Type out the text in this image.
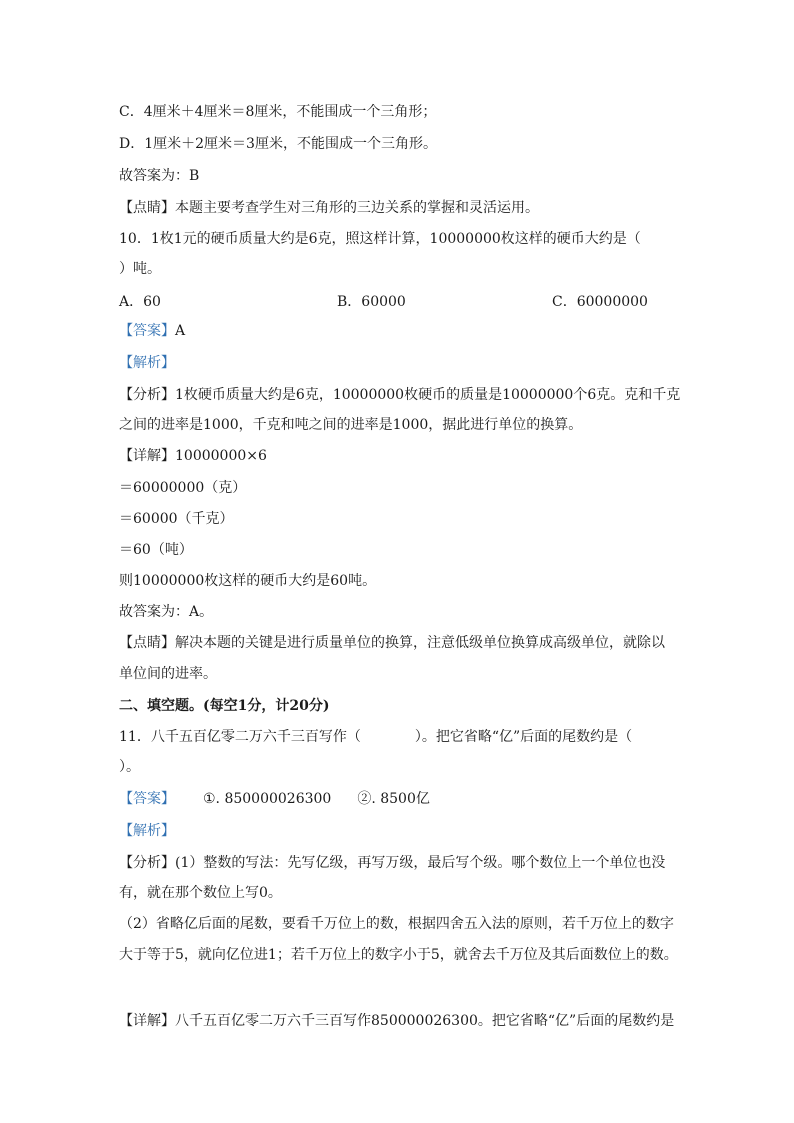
C．4厘米＋4厘米＝8厘米，不能围成一个三角形；
D．1厘米＋2厘米＝3厘米，不能围成一个三角形。
故答案为：B
【点睛】本题主要考查学生对三角形的三边关系的掌握和灵活运用。
10．1枚1元的硬币质量大约是6克，照这样计算，10000000枚这样的硬币大约是（
）吨。
A．60	B．60000	C．60000000
【答案】A
【解析】
【分析】1枚硬币质量大约是6克，10000000枚硬币的质量是10000000个6克。克和千克
之间的进率是1000，千克和吨之间的进率是1000，据此进行单位的换算。
【详解】10000000×6
＝60000000（克）
＝60000（千克）
＝60（吨）
则10000000枚这样的硬币大约是60吨。
故答案为：A。
【点睛】解决本题的关键是进行质量单位的换算，注意低级单位换算成高级单位，就除以
单位间的进率。
二、填空题。(每空1分，计20分)
11．八千五百亿零二万六千三百写作（	）。把它省略“亿”后面的尾数约是（
）。
【答案】 ①. 850000026300 ②. 8500亿
【解析】
【分析】(1）整数的写法：先写亿级，再写万级，最后写个级。哪个数位上一个单位也没
有，就在那个数位上写0。
（2）省略亿后面的尾数，要看千万位上的数，根据四舍五入法的原则，若千万位上的数字
大于等于5，就向亿位进1；若千万位上的数字小于5，就舍去千万位及其后面数位上的数。
【详解】八千五百亿零二万六千三百写作850000026300。把它省略“亿”后面的尾数约是
